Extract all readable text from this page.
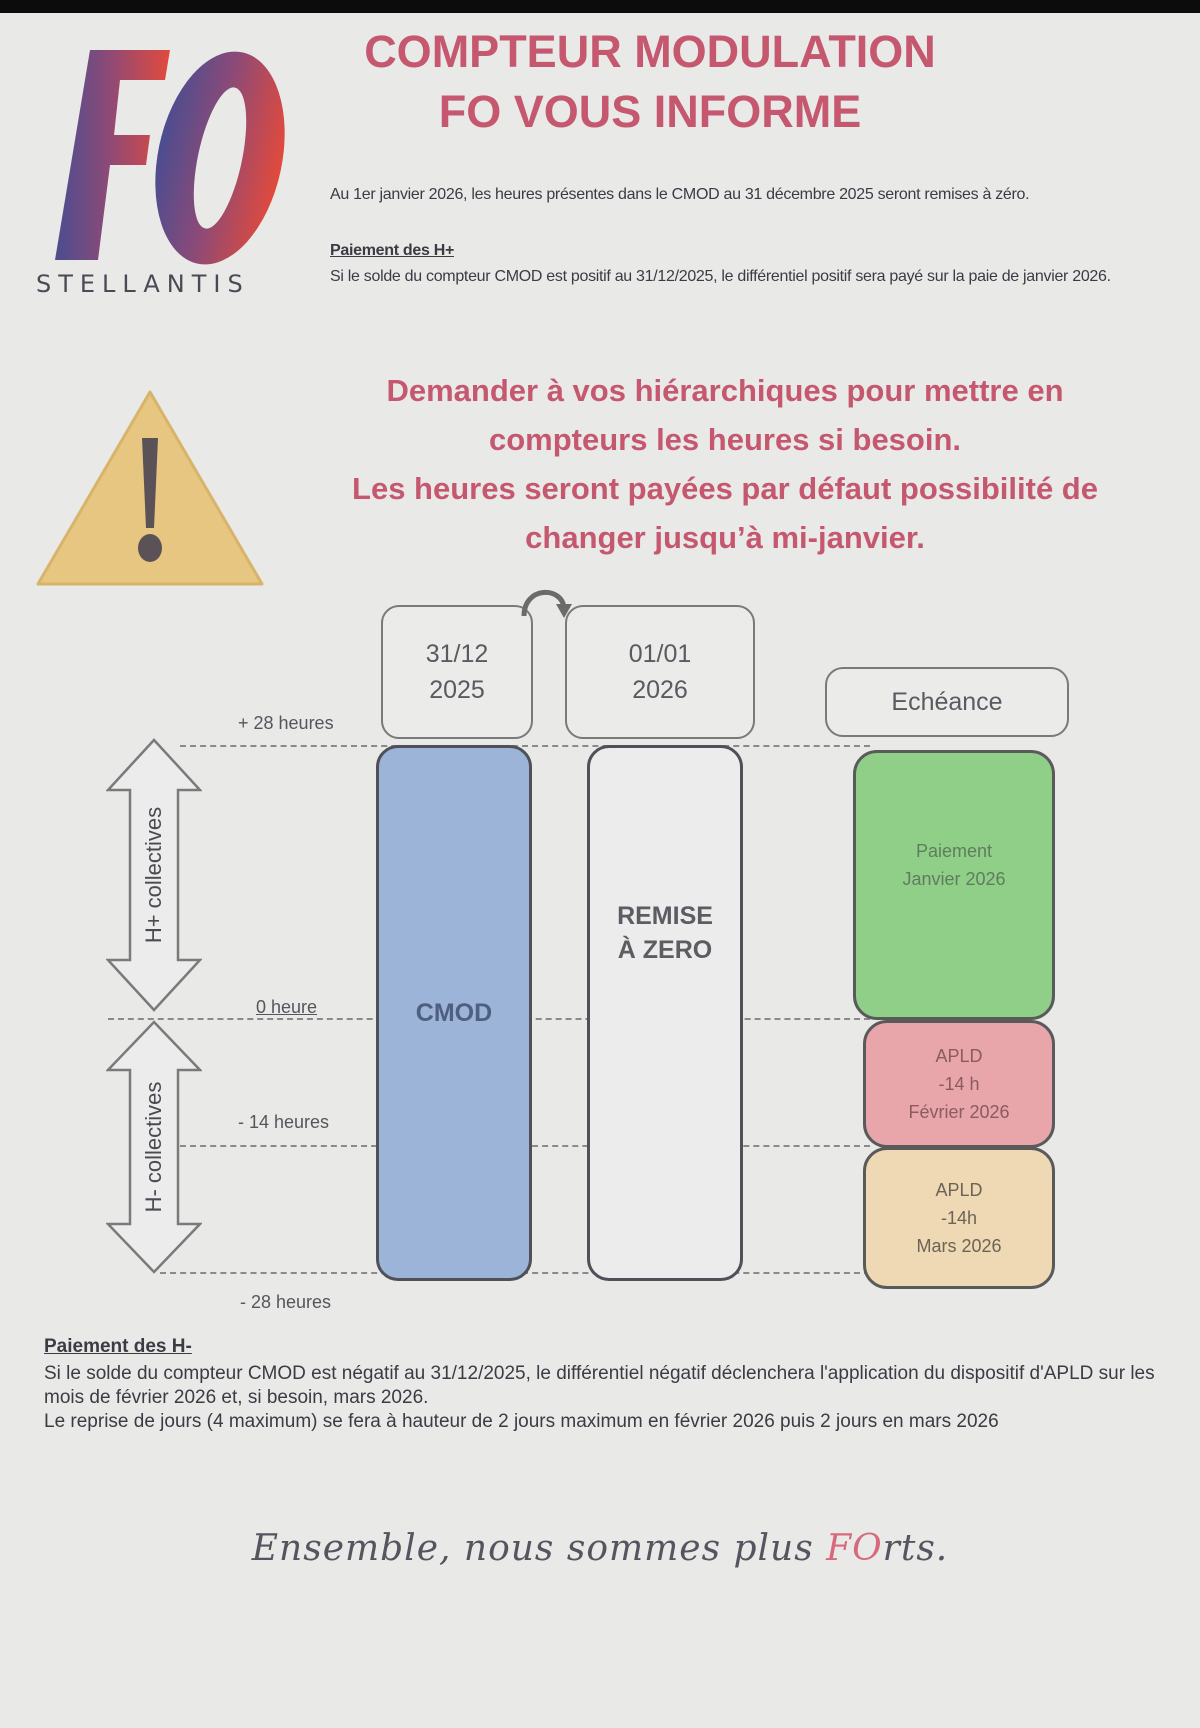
STELLANTIS
COMPTEUR MODULATION
FO VOUS INFORME
Au 1er janvier 2026, les heures présentes dans le CMOD au 31 décembre 2025 seront remises à zéro.
Paiement des H+
Si le solde du compteur CMOD est positif au 31/12/2025, le différentiel positif sera payé sur la paie de janvier 2026.
Demander à vos hiérarchiques pour mettre en
compteurs les heures si besoin.
Les heures seront payées par défaut possibilité de
changer jusqu’à mi-janvier.
+ 28 heures
0 heure
- 14 heures
- 28 heures
H+ collectives
H- collectives
31/12
2025
01/01
2026	Echéance
CMOD
REMISE
À ZERO
Paiement
Janvier 2026
APLD
-14 h
Février 2026
APLD
-14h
Mars 2026
Paiement des H-
Si le solde du compteur CMOD est négatif au 31/12/2025, le différentiel négatif déclenchera l'application du dispositif d'APLD sur les mois de février 2026 et, si besoin, mars 2026.
Le reprise de jours (4 maximum) se fera à hauteur de 2 jours maximum en février 2026 puis 2 jours en mars 2026
Ensemble, nous sommes plus FOrts.
